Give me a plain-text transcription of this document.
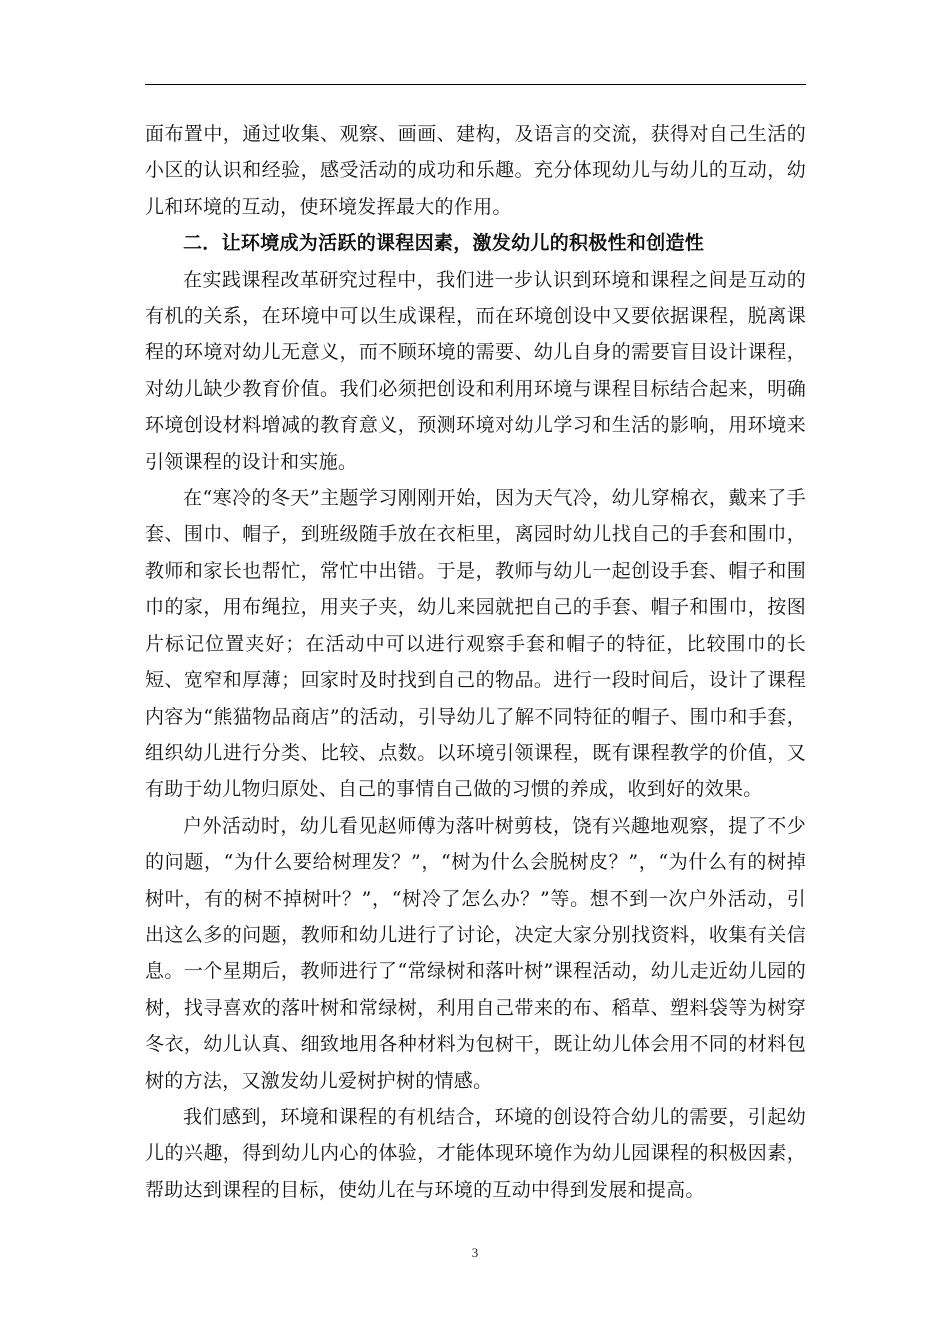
面布置中，通过收集、观察、画画、建构，及语言的交流，获得对自己生活的小区的认识和经验，感受活动的成功和乐趣。充分体现幼儿与幼儿的互动，幼儿和环境的互动，使环境发挥最大的作用。

二．让环境成为活跃的课程因素，激发幼儿的积极性和创造性

在实践课程改革研究过程中，我们进一步认识到环境和课程之间是互动的有机的关系，在环境中可以生成课程，而在环境创设中又要依据课程，脱离课程的环境对幼儿无意义，而不顾环境的需要、幼儿自身的需要盲目设计课程，对幼儿缺少教育价值。我们必须把创设和利用环境与课程目标结合起来，明确环境创设材料增减的教育意义，预测环境对幼儿学习和生活的影响，用环境来引领课程的设计和实施。

在“寒冷的冬天”主题学习刚刚开始，因为天气冷，幼儿穿棉衣，戴来了手套、围巾、帽子，到班级随手放在衣柜里，离园时幼儿找自己的手套和围巾，教师和家长也帮忙，常忙中出错。于是，教师与幼儿一起创设手套、帽子和围巾的家，用布绳拉，用夹子夹，幼儿来园就把自己的手套、帽子和围巾，按图片标记位置夹好；在活动中可以进行观察手套和帽子的特征，比较围巾的长短、宽窄和厚薄；回家时及时找到自己的物品。进行一段时间后，设计了课程内容为“熊猫物品商店”的活动，引导幼儿了解不同特征的帽子、围巾和手套，组织幼儿进行分类、比较、点数。以环境引领课程，既有课程教学的价值，又有助于幼儿物归原处、自己的事情自己做的习惯的养成，收到好的效果。

户外活动时，幼儿看见赵师傅为落叶树剪枝，饶有兴趣地观察，提了不少的问题，“为什么要给树理发？”，“树为什么会脱树皮？”，“为什么有的树掉树叶，有的树不掉树叶？”，“树冷了怎么办？”等。想不到一次户外活动，引出这么多的问题，教师和幼儿进行了讨论，决定大家分别找资料，收集有关信息。一个星期后，教师进行了“常绿树和落叶树”课程活动，幼儿走近幼儿园的树，找寻喜欢的落叶树和常绿树，利用自己带来的布、稻草、塑料袋等为树穿冬衣，幼儿认真、细致地用各种材料为包树干，既让幼儿体会用不同的材料包树的方法，又激发幼儿爱树护树的情感。

我们感到，环境和课程的有机结合，环境的创设符合幼儿的需要，引起幼儿的兴趣，得到幼儿内心的体验，才能体现环境作为幼儿园课程的积极因素，帮助达到课程的目标，使幼儿在与环境的互动中得到发展和提高。

3
